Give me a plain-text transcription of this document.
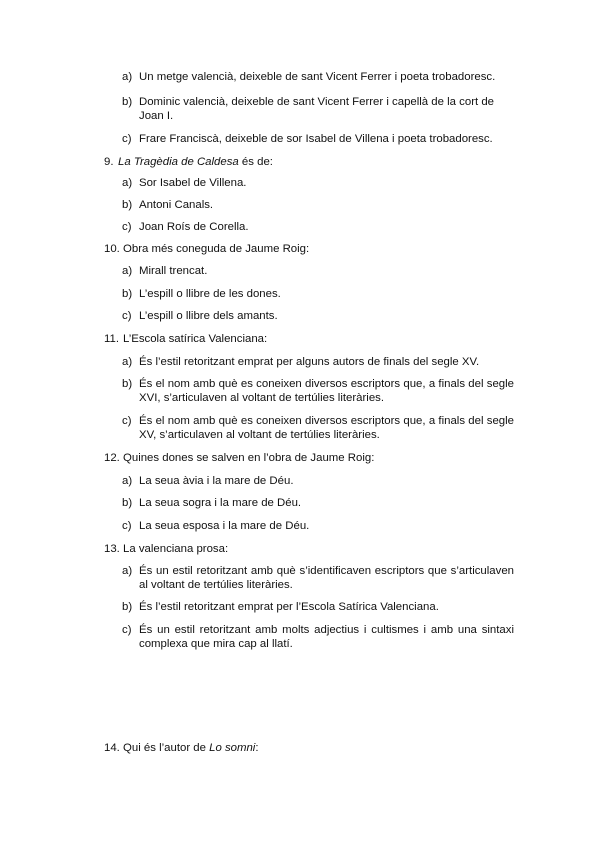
a) Un metge valencià, deixeble de sant Vicent Ferrer i poeta trobadoresc.
b) Dominic valencià, deixeble de sant Vicent Ferrer i capellà de la cort de Joan I.
c) Frare Franciscà, deixeble de sor Isabel de Villena i poeta trobadoresc.

9. La Tragèdia de Caldesa és de:

a) Sor Isabel de Villena.
b) Antoni Canals.
c) Joan Roís de Corella.

10. Obra més coneguda de Jaume Roig:

a) Mirall trencat.
b) L’espill o llibre de les dones.
c) L’espill o llibre dels amants.

11. L’Escola satírica Valenciana:

a) És l’estil retoritzant emprat per alguns autors de finals del segle XV.
b) És el nom amb què es coneixen diversos escriptors que, a finals del segle XVI, s’articulaven al voltant de tertúlies literàries.
c) És el nom amb què es coneixen diversos escriptors que, a finals del segle XV, s’articulaven al voltant de tertúlies literàries.

12. Quines dones se salven en l’obra de Jaume Roig:

a) La seua àvia i la mare de Déu.
b) La seua sogra i la mare de Déu.
c) La seua esposa i la mare de Déu.

13. La valenciana prosa:

a) És un estil retoritzant amb què s’identificaven escriptors que s’articulaven al voltant de tertúlies literàries.
b) És l’estil retoritzant emprat per l’Escola Satírica Valenciana.
c) És un estil retoritzant amb molts adjectius i cultismes i amb una sintaxi complexa que mira cap al llatí.

14. Qui és l’autor de Lo somni:
